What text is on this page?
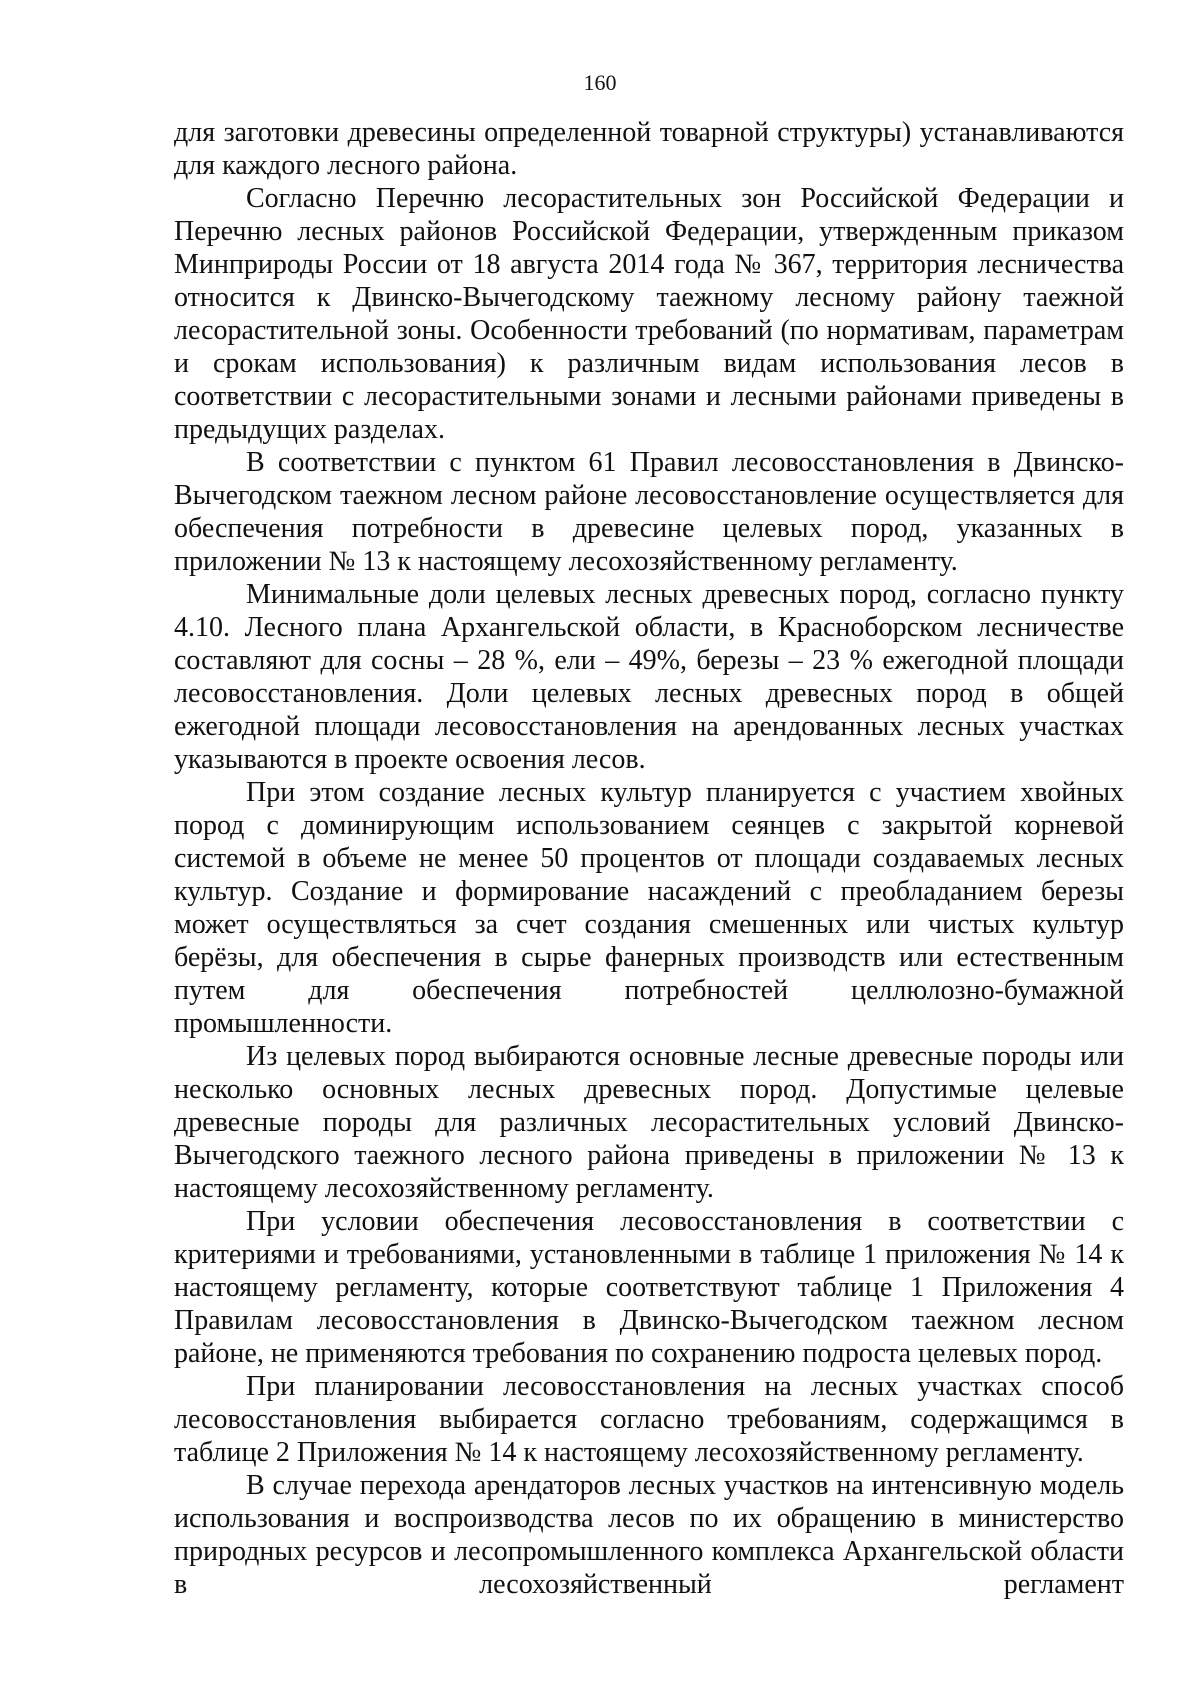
160

для заготовки древесины определенной товарной структуры) устанавливаются для каждого лесного района.

Согласно Перечню лесорастительных зон Российской Федерации и Перечню лесных районов Российской Федерации, утвержденным приказом Минприроды России от 18 августа 2014 года № 367, территория лесничества относится к Двинско-Вычегодскому таежному лесному району таежной лесорастительной зоны. Особенности требований (по нормативам, параметрам и срокам использования) к различным видам использования лесов в соответствии с лесорастительными зонами и лесными районами приведены в предыдущих разделах.

В соответствии с пунктом 61 Правил лесовосстановления в Двинско-Вычегодском таежном лесном районе лесовосстановление осуществляется для обеспечения потребности в древесине целевых пород, указанных в приложении № 13 к настоящему лесохозяйственному регламенту.

Минимальные доли целевых лесных древесных пород, согласно пункту 4.10. Лесного плана Архангельской области, в Красноборском лесничестве составляют для сосны – 28 %, ели – 49%, березы – 23 % ежегодной площади лесовосстановления. Доли целевых лесных древесных пород в общей ежегодной площади лесовосстановления на арендованных лесных участках указываются в проекте освоения лесов.

При этом создание лесных культур планируется с участием хвойных пород с доминирующим использованием сеянцев с закрытой корневой системой в объеме не менее 50 процентов от площади создаваемых лесных культур. Создание и формирование насаждений с преобладанием березы может осуществляться за счет создания смешенных или чистых культур берёзы, для обеспечения в сырье фанерных производств или естественным путем для обеспечения потребностей целлюлозно-бумажной промышленности.

Из целевых пород выбираются основные лесные древесные породы или несколько основных лесных древесных пород. Допустимые целевые древесные породы для различных лесорастительных условий Двинско-Вычегодского таежного лесного района приведены в приложении № 13 к настоящему лесохозяйственному регламенту.

При условии обеспечения лесовосстановления в соответствии с критериями и требованиями, установленными в таблице 1 приложения № 14 к настоящему регламенту, которые соответствуют таблице 1 Приложения 4 Правилам лесовосстановления в Двинско-Вычегодском таежном лесном районе, не применяются требования по сохранению подроста целевых пород.

При планировании лесовосстановления на лесных участках способ лесовосстановления выбирается согласно требованиям, содержащимся в таблице 2 Приложения № 14 к настоящему лесохозяйственному регламенту.

В случае перехода арендаторов лесных участков на интенсивную модель использования и воспроизводства лесов по их обращению в министерство природных ресурсов и лесопромышленного комплекса Архангельской области в лесохозяйственный регламент
